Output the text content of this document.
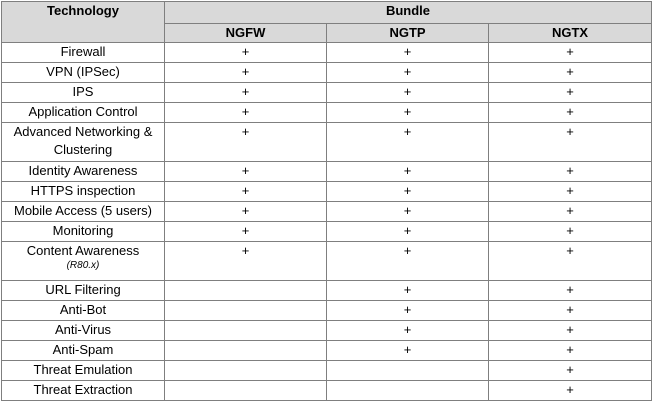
Technology	Bundle		
	NGFW	NGTP	NGTX
Firewall	+	+	+
VPN (IPSec)	+	+	+
IPS	+	+	+
Application Control	+	+	+
Advanced Networking & Clustering	+	+	+
Identity Awareness	+	+	+
HTTPS inspection	+	+	+
Mobile Access (5 users)	+	+	+
Monitoring	+	+	+
Content Awareness
(R80.x)	+	+	+
URL Filtering		+	+
Anti-Bot		+	+
Anti-Virus		+	+
Anti-Spam		+	+
Threat Emulation			+
Threat Extraction			+
